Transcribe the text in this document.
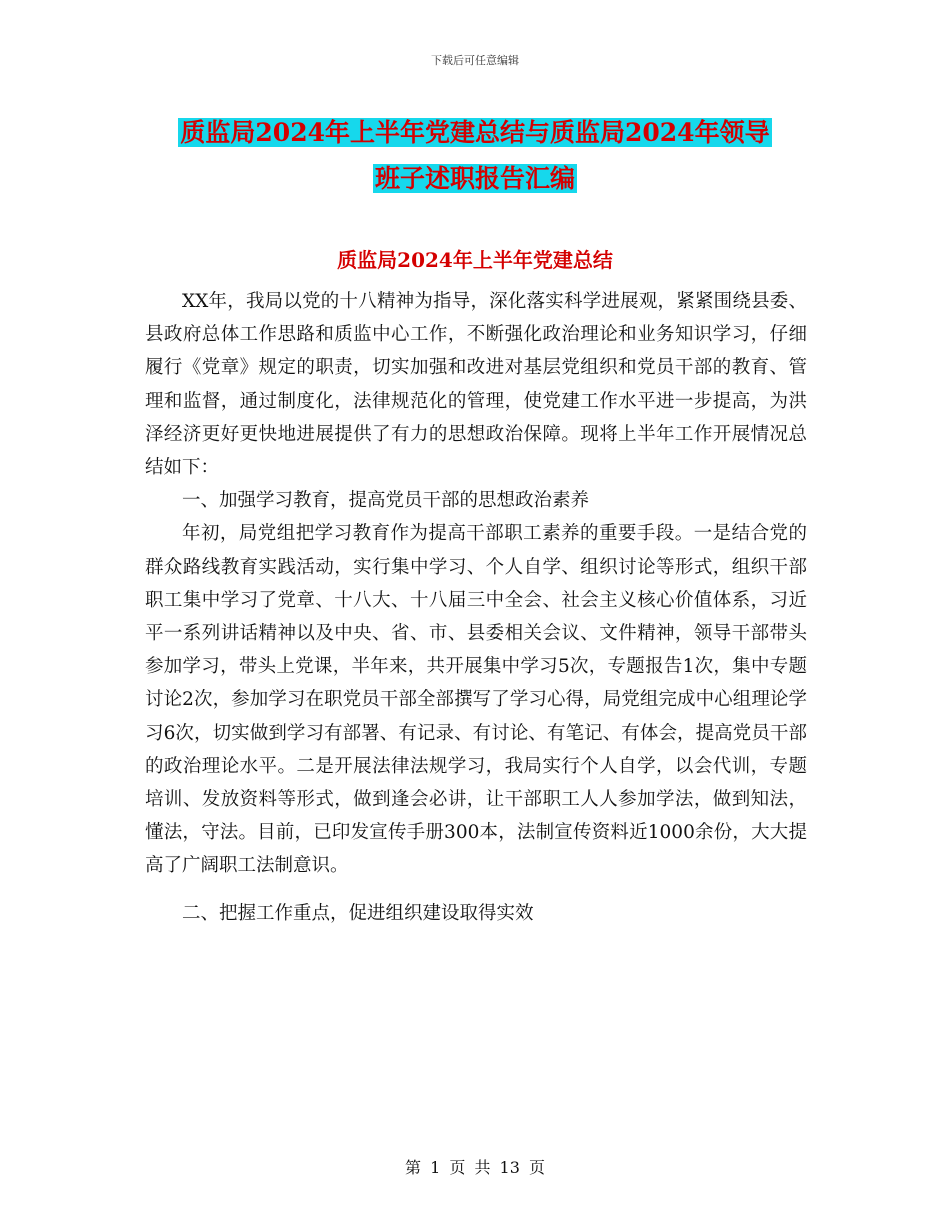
下载后可任意编辑
质监局2024年上半年党建总结与质监局2024年领导
班子述职报告汇编
质监局2024年上半年党建总结

XX年，我局以党的十八精神为指导，深化落实科学进展观，紧紧围绕县委、县政府总体工作思路和质监中心工作，不断强化政治理论和业务知识学习，仔细履行《党章》规定的职责，切实加强和改进对基层党组织和党员干部的教育、管理和监督，通过制度化，法律规范化的管理，使党建工作水平进一步提高，为洪泽经济更好更快地进展提供了有力的思想政治保障。现将上半年工作开展情况总结如下：

一、加强学习教育，提高党员干部的思想政治素养

年初，局党组把学习教育作为提高干部职工素养的重要手段。一是结合党的群众路线教育实践活动，实行集中学习、个人自学、组织讨论等形式，组织干部职工集中学习了党章、十八大、十八届三中全会、社会主义核心价值体系，习近平一系列讲话精神以及中央、省、市、县委相关会议、文件精神，领导干部带头参加学习，带头上党课，半年来，共开展集中学习5次，专题报告1次，集中专题讨论2次，参加学习在职党员干部全部撰写了学习心得，局党组完成中心组理论学习6次，切实做到学习有部署、有记录、有讨论、有笔记、有体会，提高党员干部的政治理论水平。二是开展法律法规学习，我局实行个人自学，以会代训，专题培训、发放资料等形式，做到逢会必讲，让干部职工人人参加学法，做到知法，懂法，守法。目前，已印发宣传手册300本，法制宣传资料近1000余份，大大提高了广阔职工法制意识。

二、把握工作重点，促进组织建设取得实效

第 1 页 共 13 页
